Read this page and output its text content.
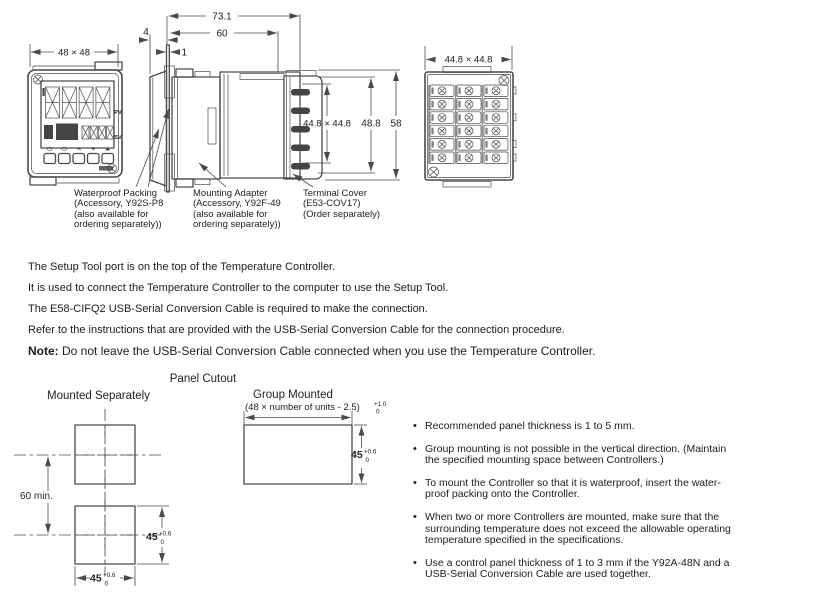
PV
SV
48 × 48
73.1
60
4
1
44.8 × 44.8 48.8 58
44.8 × 44.8
Waterproof Packing
(Accessory, Y92S-P8
(also available for
ordering separately))
Mounting Adapter
(Accessory, Y92F-49
(also available for
ordering separately))
Terminal Cover
(E53-COV17)
(Order separately)
The Setup Tool port is on the top of the Temperature Controller.
It is used to connect the Temperature Controller to the computer to use the Setup Tool.
The E58-CIFQ2 USB-Serial Conversion Cable is required to make the connection.
Refer to the instructions that are provided with the USB-Serial Conversion Cable for the connection procedure.
Note: Do not leave the USB-Serial Conversion Cable connected when you use the Temperature Controller.
Panel Cutout
Mounted Separately	Group Mounted
(48 × number of units - 2.5) +1.0
0
45 +0.6
0
60 min.
45 +0.6
0
45 +0.6
0
• Recommended panel thickness is 1 to 5 mm.
• Group mounting is not possible in the vertical direction. (Maintain
the specified mounting space between Controllers.)
• To mount the Controller so that it is waterproof, insert the water-
proof packing onto the Controller.
• When two or more Controllers are mounted, make sure that the
surrounding temperature does not exceed the allowable operating
temperature specified in the specifications.
• Use a control panel thickness of 1 to 3 mm if the Y92A-48N and a
USB-Serial Conversion Cable are used together.
